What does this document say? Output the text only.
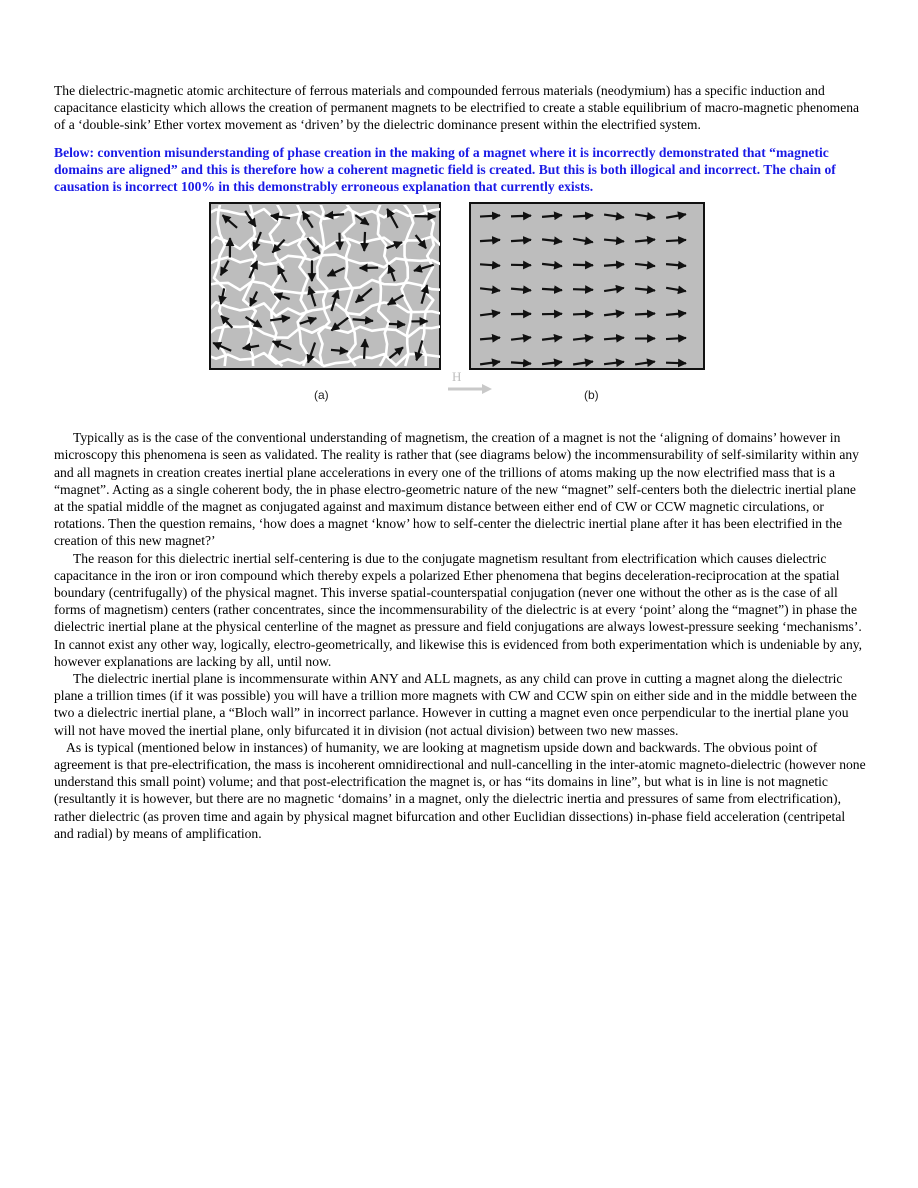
The dielectric-magnetic atomic architecture of ferrous materials and compounded ferrous materials (neodymium) has a specific induction and capacitance elasticity which allows the creation of permanent magnets to be electrified to create a stable equilibrium of macro-magnetic phenomena of a ‘double-sink’ Ether vortex movement as ‘driven’ by the dielectric dominance present within the electrified system.

Below: convention misunderstanding of phase creation in the making of a magnet where it is incorrectly demonstrated that “magnetic domains are aligned” and this is therefore how a coherent magnetic field is created. But this is both illogical and incorrect. The chain of causation is incorrect 100% in this demonstrably erroneous explanation that currently exists.

H
(a)	(b)

Typically as is the case of the conventional understanding of magnetism, the creation of a magnet is not the ‘aligning of domains’ however in microscopy this phenomena is seen as validated. The reality is rather that (see diagrams below) the incommensurability of self-similarity within any and all magnets in creation creates inertial plane accelerations in every one of the trillions of atoms making up the now electrified mass that is a “magnet”. Acting as a single coherent body, the in phase electro-geometric nature of the new “magnet” self-centers both the dielectric inertial plane at the spatial middle of the magnet as conjugated against and maximum distance between either end of CW or CCW magnetic circulations, or rotations. Then the question remains, ‘how does a magnet ‘know’ how to self-center the dielectric inertial plane after it has been electrified in the creation of this new magnet?’

The reason for this dielectric inertial self-centering is due to the conjugate magnetism resultant from electrification which causes dielectric capacitance in the iron or iron compound which thereby expels a polarized Ether phenomena that begins deceleration-reciprocation at the spatial boundary (centrifugally) of the physical magnet. This inverse spatial-counterspatial conjugation (never one without the other as is the case of all forms of magnetism) centers (rather concentrates, since the incommensurability of the dielectric is at every ‘point’ along the “magnet”) in phase the dielectric inertial plane at the physical centerline of the magnet as pressure and field conjugations are always lowest-pressure seeking ‘mechanisms’. In cannot exist any other way, logically, electro-geometrically, and likewise this is evidenced from both experimentation which is undeniable by any, however explanations are lacking by all, until now.

The dielectric inertial plane is incommensurate within ANY and ALL magnets, as any child can prove in cutting a magnet along the dielectric plane a trillion times (if it was possible) you will have a trillion more magnets with CW and CCW spin on either side and in the middle between the two a dielectric inertial plane, a “Bloch wall” in incorrect parlance. However in cutting a magnet even once perpendicular to the inertial plane you will not have moved the inertial plane, only bifurcated it in division (not actual division) between two new masses.

As is typical (mentioned below in instances) of humanity, we are looking at magnetism upside down and backwards. The obvious point of agreement is that pre-electrification, the mass is incoherent omnidirectional and null-cancelling in the inter-atomic magneto-dielectric (however none understand this small point) volume; and that post-electrification the magnet is, or has “its domains in line”, but what is in line is not magnetic (resultantly it is however, but there are no magnetic ‘domains’ in a magnet, only the dielectric inertia and pressures of same from electrification), rather dielectric (as proven time and again by physical magnet bifurcation and other Euclidian dissections) in-phase field acceleration (centripetal and radial) by means of amplification.
